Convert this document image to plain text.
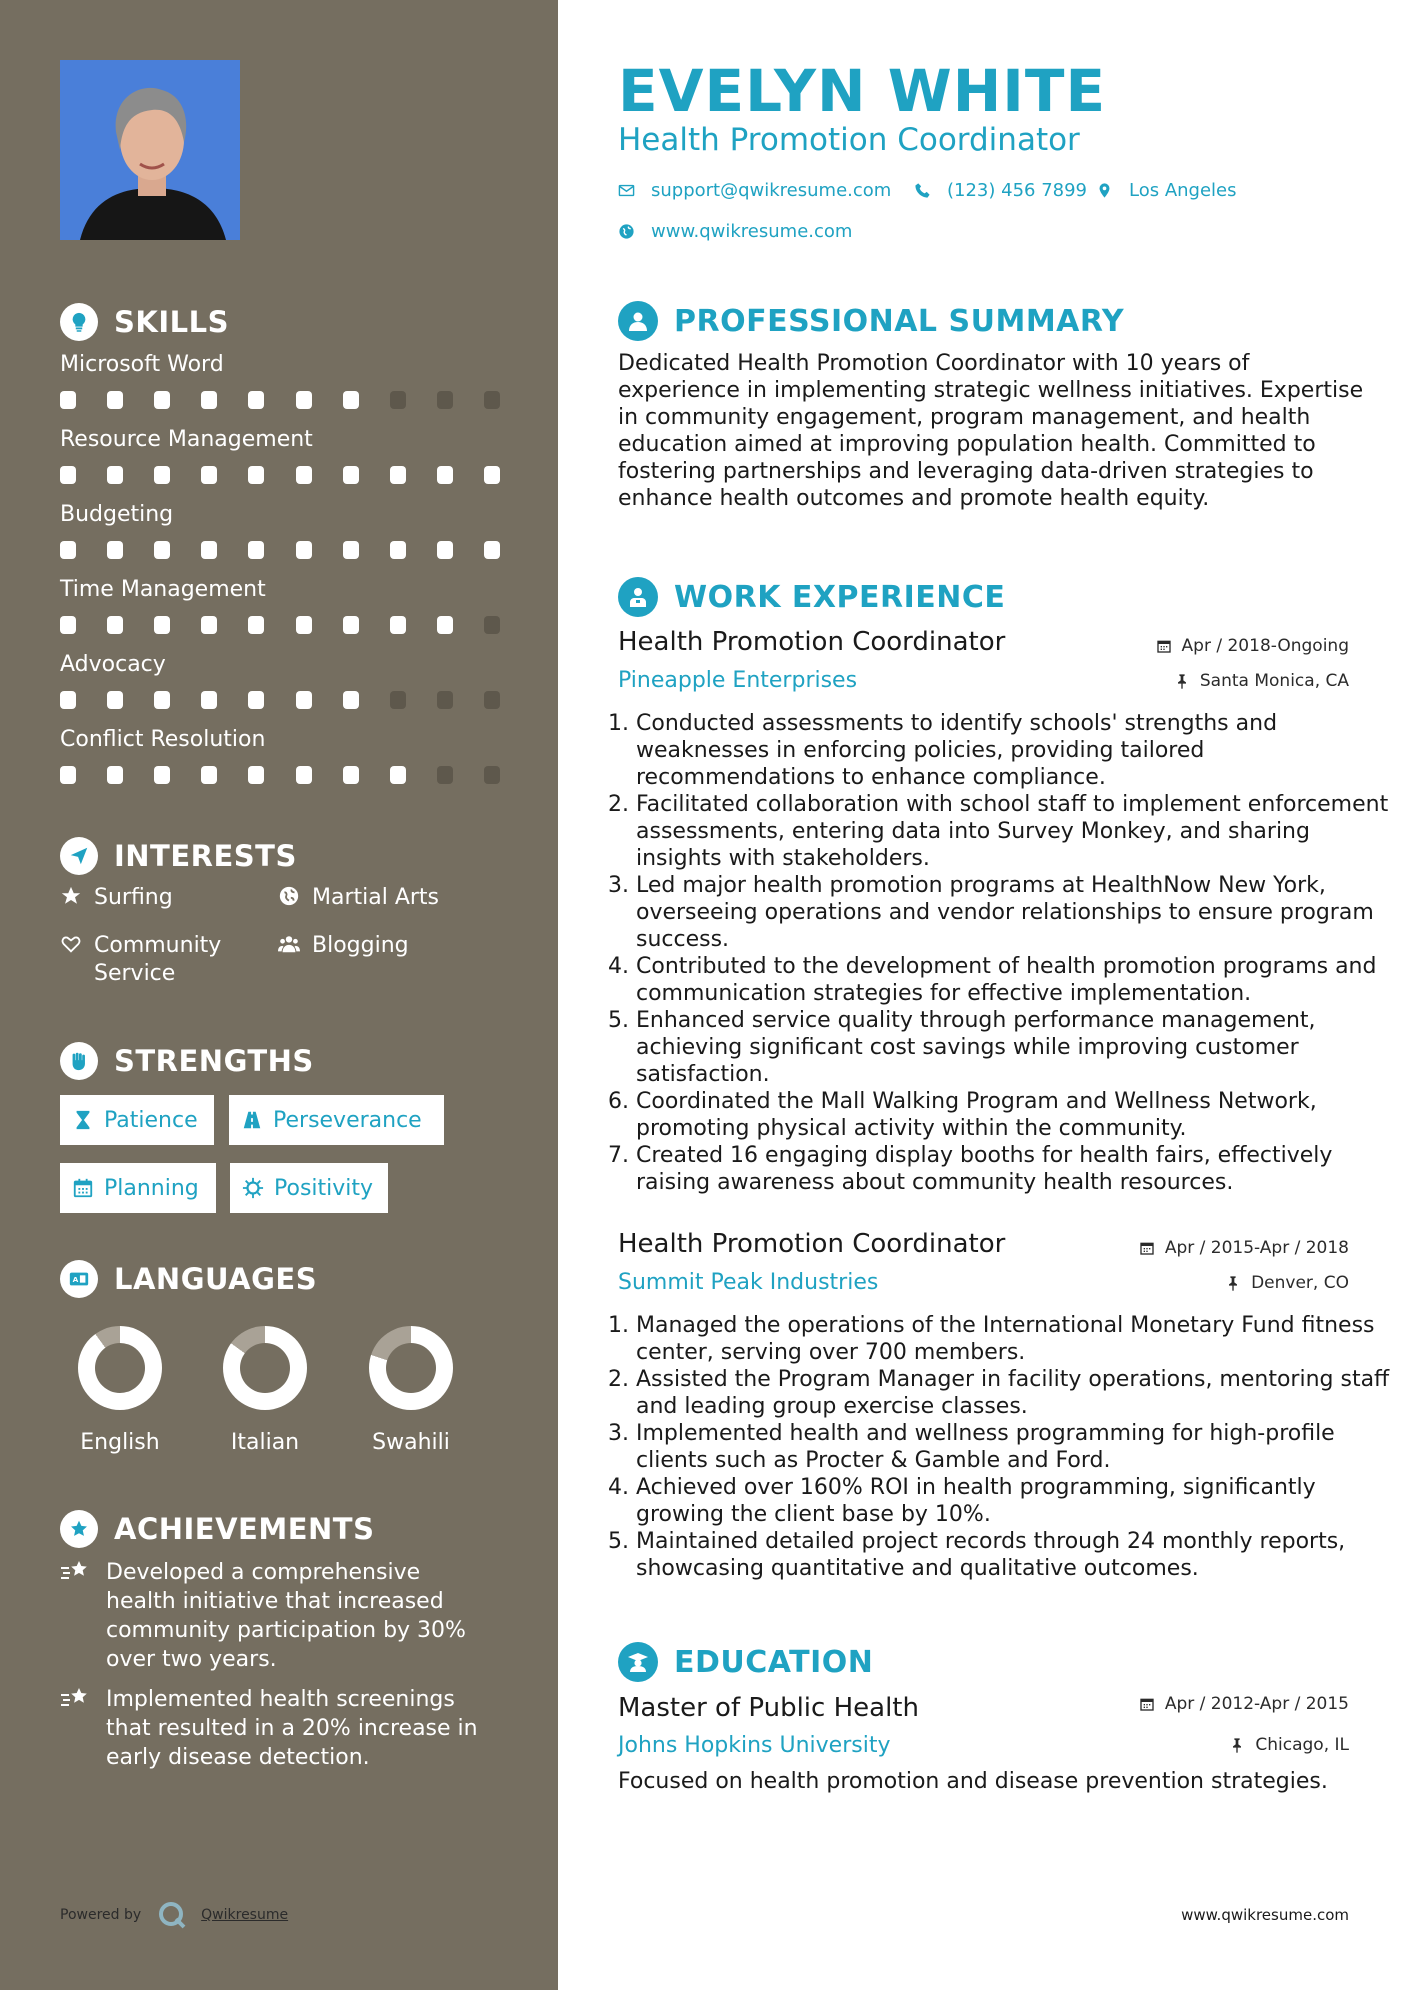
SKILLS
Microsoft Word
Resource Management
Budgeting
Time Management
Advocacy
Conflict Resolution
INTERESTS
Surfing	Martial Arts
Community Service
Blogging
STRENGTHS
Patience	Perseverance
Planning	Positivity
A LANGUAGES
English	Italian	Swahili
ACHIEVEMENTS
Developed a comprehensive health initiative that increased community participation by 30% over two years.
Implemented health screenings that resulted in a 20% increase in early disease detection.
Powered by	Qwikresume
EVELYN WHITE
Health Promotion Coordinator
support@qwikresume.com	(123) 456 7899 Los Angeles
www.qwikresume.com
PROFESSIONAL SUMMARY
Dedicated Health Promotion Coordinator with 10 years of experience in implementing strategic wellness initiatives. Expertise in community engagement, program management, and health education aimed at improving population health. Committed to fostering partnerships and leveraging data-driven strategies to enhance health outcomes and promote health equity.
WORK EXPERIENCE
Health Promotion Coordinator	Apr / 2018-Ongoing
Pineapple Enterprises	Santa Monica, CA
1. Conducted assessments to identify schools' strengths and weaknesses in enforcing policies, providing tailored recommendations to enhance compliance.
2. Facilitated collaboration with school staff to implement enforcement assessments, entering data into Survey Monkey, and sharing insights with stakeholders.
3. Led major health promotion programs at HealthNow New York, overseeing operations and vendor relationships to ensure program success.
4. Contributed to the development of health promotion programs and communication strategies for effective implementation.
5. Enhanced service quality through performance management, achieving significant cost savings while improving customer satisfaction.
6. Coordinated the Mall Walking Program and Wellness Network, promoting physical activity within the community.
7. Created 16 engaging display booths for health fairs, effectively raising awareness about community health resources.
Health Promotion Coordinator	Apr / 2015-Apr / 2018
Summit Peak Industries	Denver, CO
1. Managed the operations of the International Monetary Fund fitness center, serving over 700 members.
2. Assisted the Program Manager in facility operations, mentoring staff and leading group exercise classes.
3. Implemented health and wellness programming for high-profile clients such as Procter & Gamble and Ford.
4. Achieved over 160% ROI in health programming, significantly growing the client base by 10%.
5. Maintained detailed project records through 24 monthly reports, showcasing quantitative and qualitative outcomes.
EDUCATION
Master of Public Health	Apr / 2012-Apr / 2015
Johns Hopkins University	Chicago, IL
Focused on health promotion and disease prevention strategies.
www.qwikresume.com
